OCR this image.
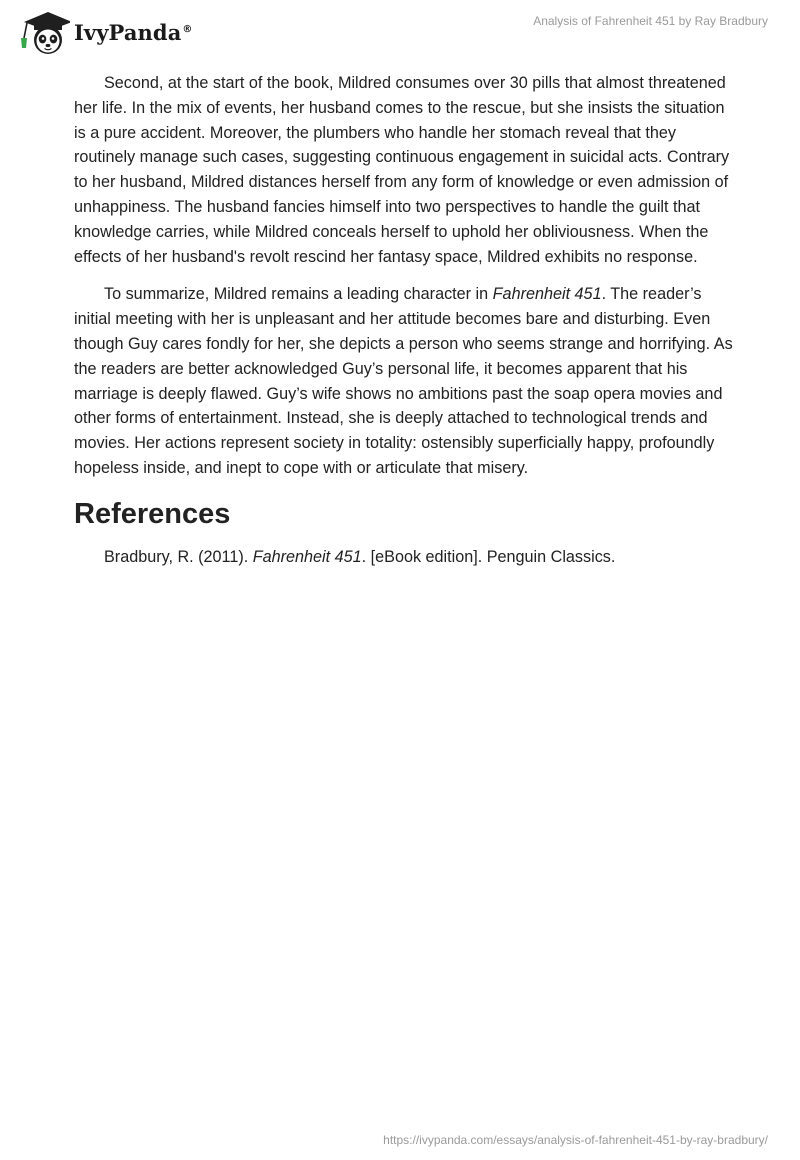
IvyPanda®
Analysis of Fahrenheit 451 by Ray Bradbury

Second, at the start of the book, Mildred consumes over 30 pills that almost threatened her life. In the mix of events, her husband comes to the rescue, but she insists the situation is a pure accident. Moreover, the plumbers who handle her stomach reveal that they routinely manage such cases, suggesting continuous engagement in suicidal acts. Contrary to her husband, Mildred distances herself from any form of knowledge or even admission of unhappiness. The husband fancies himself into two perspectives to handle the guilt that knowledge carries, while Mildred conceals herself to uphold her obliviousness. When the effects of her husband's revolt rescind her fantasy space, Mildred exhibits no response.

To summarize, Mildred remains a leading character in Fahrenheit 451. The reader’s initial meeting with her is unpleasant and her attitude becomes bare and disturbing. Even though Guy cares fondly for her, she depicts a person who seems strange and horrifying. As the readers are better acknowledged Guy’s personal life, it becomes apparent that his marriage is deeply flawed. Guy’s wife shows no ambitions past the soap opera movies and other forms of entertainment. Instead, she is deeply attached to technological trends and movies. Her actions represent society in totality: ostensibly superficially happy, profoundly hopeless inside, and inept to cope with or articulate that misery.

References

Bradbury, R. (2011). Fahrenheit 451. [eBook edition]. Penguin Classics.

https://ivypanda.com/essays/analysis-of-fahrenheit-451-by-ray-bradbury/
